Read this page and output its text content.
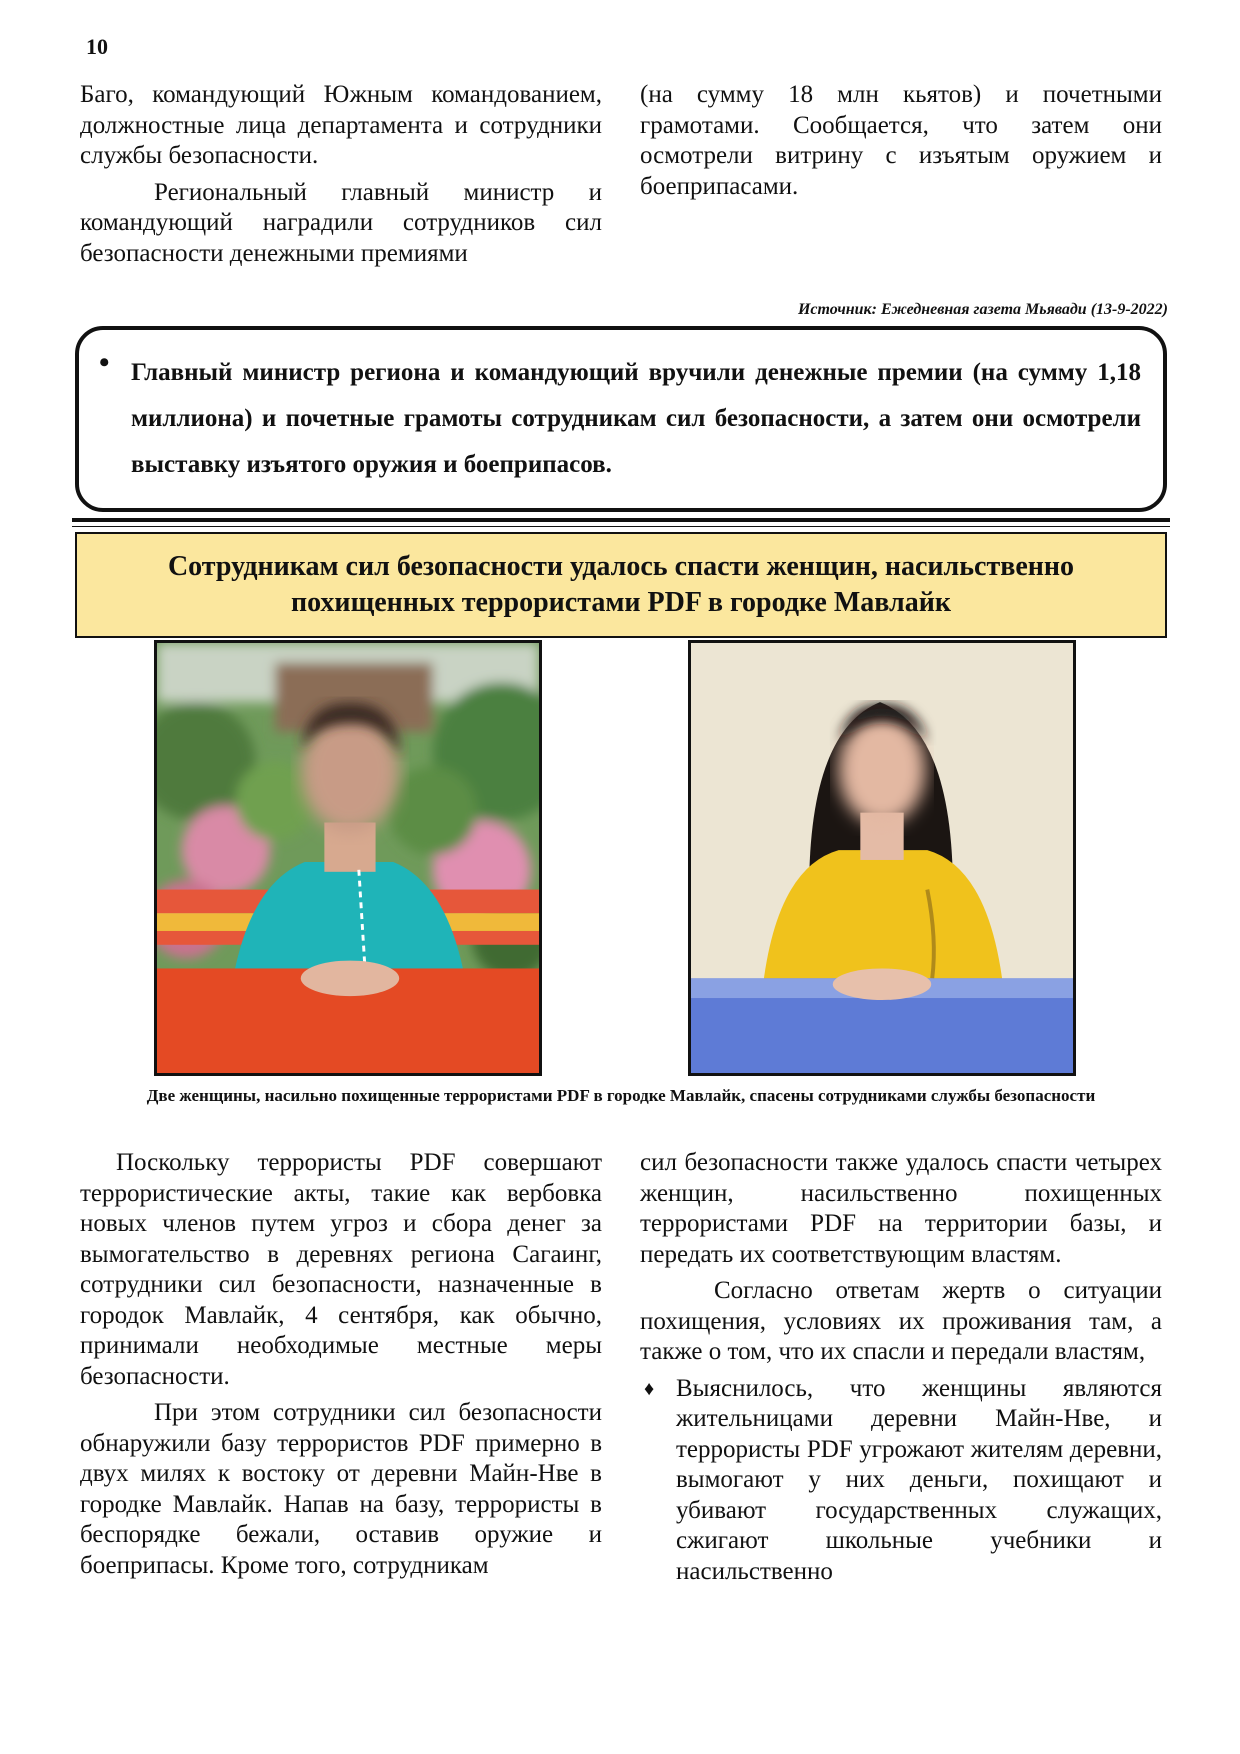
10

Баго, командующий Южным командованием, должностные лица департамента и сотрудники службы безопасности.

Региональный главный министр и командующий наградили сотрудников сил безопасности денежными премиями

(на сумму 18 млн кьятов) и почетными грамотами. Сообщается, что затем они осмотрели витрину с изъятым оружием и боеприпасами.

Источник: Ежедневная газета Мьявади (13-9-2022)
• Главный министр региона и командующий вручили денежные премии (на сумму 1,18 миллиона) и почетные грамоты сотрудникам сил безопасности, а затем они осмотрели выставку изъятого оружия и боеприпасов.
Сотрудникам сил безопасности удалось спасти женщин, насильственно похищенных террористами PDF в городке Мавлайк
Две женщины, насильно похищенные террористами PDF в городке Мавлайк, спасены сотрудниками службы безопасности

Поскольку террористы PDF совершают террористические акты, такие как вербовка новых членов путем угроз и сбора денег за вымогательство в деревнях региона Сагаинг, сотрудники сил безопасности, назначенные в городок Мавлайк, 4 сентября, как обычно, принимали необходимые местные меры безопасности.

При этом сотрудники сил безопасности обнаружили базу террористов PDF примерно в двух милях к востоку от деревни Майн-Нве в городке Мавлайк. Напав на базу, террористы в беспорядке бежали, оставив оружие и боеприпасы. Кроме того, сотрудникам

сил безопасности также удалось спасти четырех женщин, насильственно похищенных террористами PDF на территории базы, и передать их соответствующим властям.

Согласно ответам жертв о ситуации похищения, условиях их проживания там, а также о том, что их спасли и передали властям,

♦ Выяснилось, что женщины являются жительницами деревни Майн-Нве, и террористы PDF угрожают жителям деревни, вымогают у них деньги, похищают и убивают государственных служащих, сжигают школьные учебники и насильственно
